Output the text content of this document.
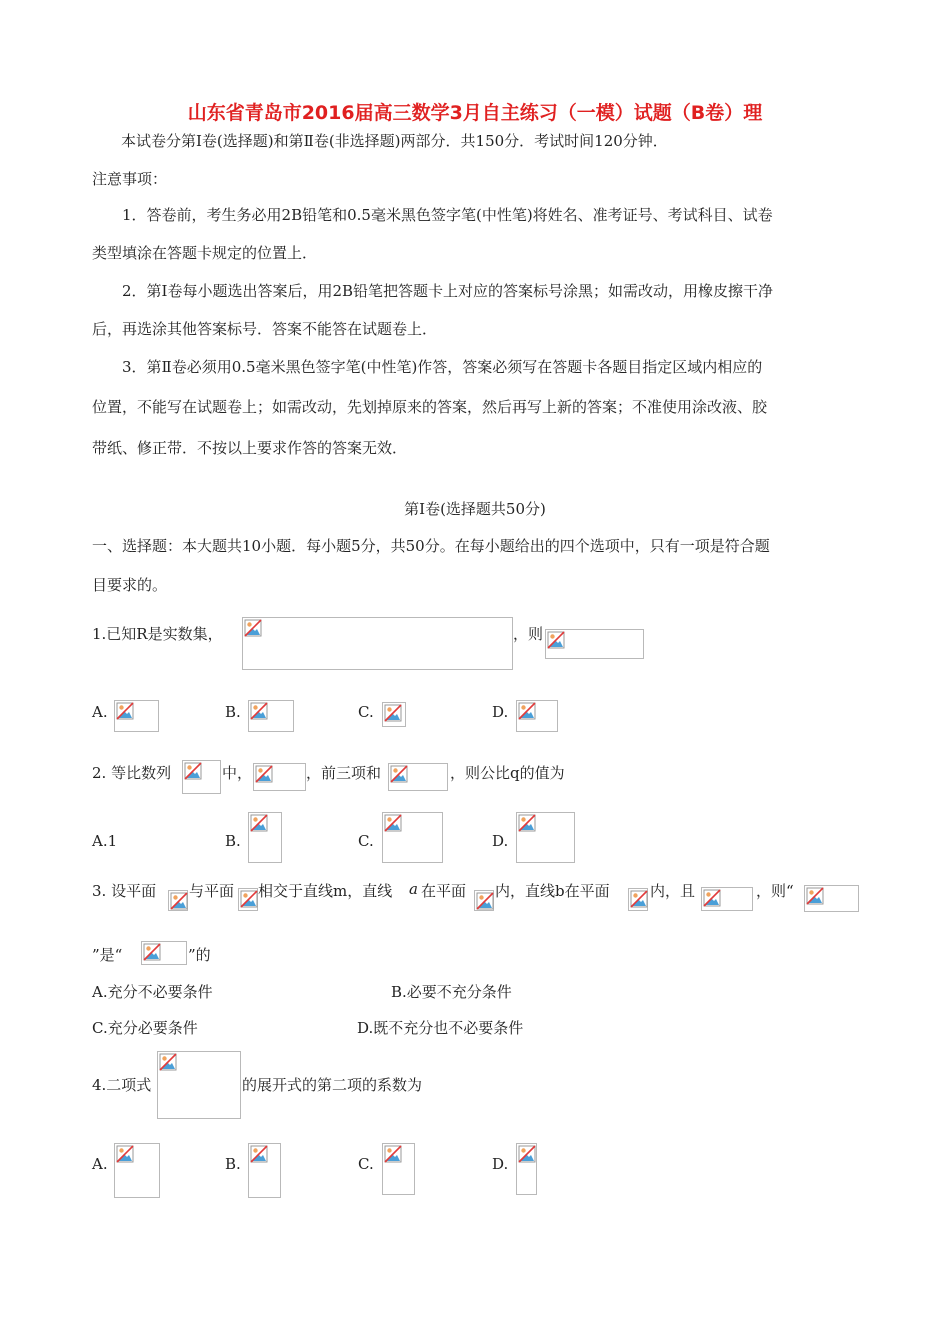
山东省青岛市2016届高三数学3月自主练习（一模）试题（B卷）理
本试卷分第Ⅰ卷(选择题)和第Ⅱ卷(非选择题)两部分．共150分．考试时间120分钟．
注意事项：
1．答卷前，考生务必用2B铅笔和0.5毫米黑色签字笔(中性笔)将姓名、准考证号、考试科目、试卷
类型填涂在答题卡规定的位置上．
2．第Ⅰ卷每小题选出答案后，用2B铅笔把答题卡上对应的答案标号涂黑；如需改动，用橡皮擦干净
后，再选涂其他答案标号．答案不能答在试题卷上．
3．第Ⅱ卷必须用0.5毫米黑色签字笔(中性笔)作答，答案必须写在答题卡各题目指定区域内相应的
位置，不能写在试题卷上；如需改动，先划掉原来的答案，然后再写上新的答案；不准使用涂改液、胶
带纸、修正带．不按以上要求作答的答案无效．
第Ⅰ卷(选择题共50分)
一、选择题：本大题共10小题．每小题5分，共50分。在每小题给出的四个选项中，只有一项是符合题
目要求的。
1.已知R是实数集，	，则
A.	B.	C.	D.
2. 等比数列	中，	，前三项和	，则公比q的值为
A.1	B.	C.	D.
3. 设平面 与平面 相交于直线m，直线 a 在平面 内，直线b在平面	内，且	，则“
”是“	”的
A.充分不必要条件	B.必要不充分条件
C.充分必要条件	D.既不充分也不必要条件
4.二项式	的展开式的第二项的系数为
A.	B.	C.	D.
